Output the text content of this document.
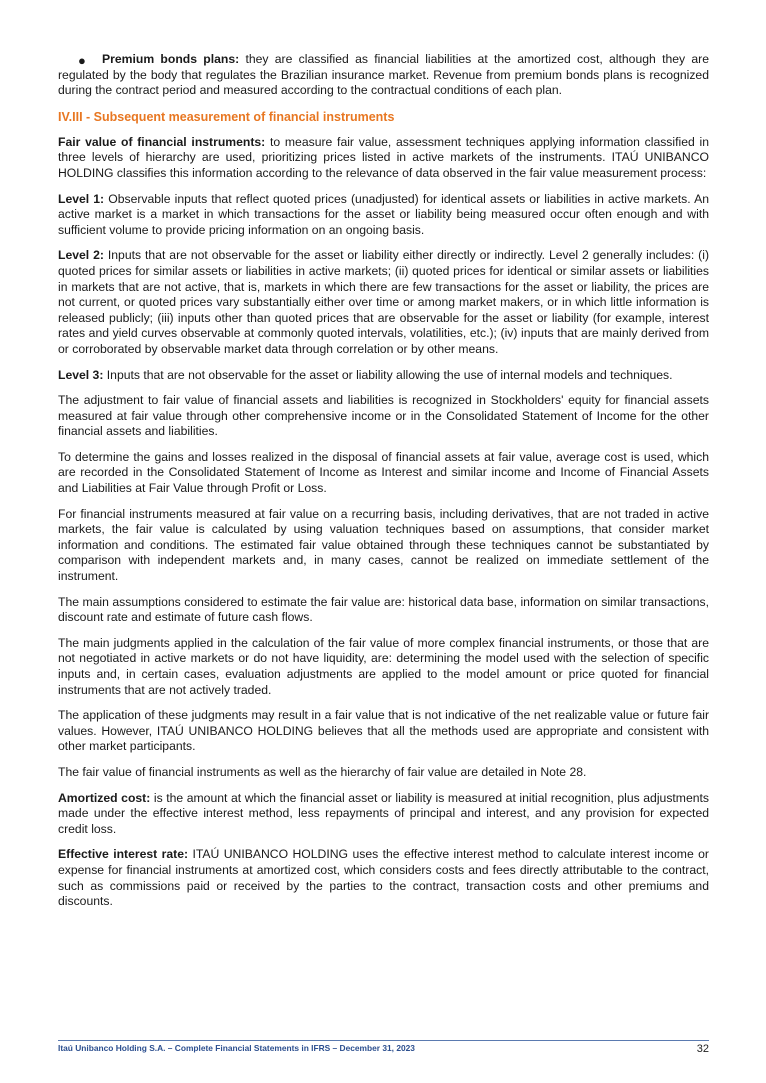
●	Premium bonds plans: they are classified as financial liabilities at the amortized cost, although they are regulated by the body that regulates the Brazilian insurance market. Revenue from premium bonds plans is recognized during the contract period and measured according to the contractual conditions of each plan.

IV.III - Subsequent measurement of financial instruments

Fair value of financial instruments: to measure fair value, assessment techniques applying information classified in three levels of hierarchy are used, prioritizing prices listed in active markets of the instruments. ITAÚ UNIBANCO HOLDING classifies this information according to the relevance of data observed in the fair value measurement process:

Level 1: Observable inputs that reflect quoted prices (unadjusted) for identical assets or liabilities in active markets. An active market is a market in which transactions for the asset or liability being measured occur often enough and with sufficient volume to provide pricing information on an ongoing basis.

Level 2: Inputs that are not observable for the asset or liability either directly or indirectly. Level 2 generally includes: (i) quoted prices for similar assets or liabilities in active markets; (ii) quoted prices for identical or similar assets or liabilities in markets that are not active, that is, markets in which there are few transactions for the asset or liability, the prices are not current, or quoted prices vary substantially either over time or among market makers, or in which little information is released publicly; (iii) inputs other than quoted prices that are observable for the asset or liability (for example, interest rates and yield curves observable at commonly quoted intervals, volatilities, etc.); (iv) inputs that are mainly derived from or corroborated by observable market data through correlation or by other means.

Level 3: Inputs that are not observable for the asset or liability allowing the use of internal models and techniques.

The adjustment to fair value of financial assets and liabilities is recognized in Stockholders' equity for financial assets measured at fair value through other comprehensive income or in the Consolidated Statement of Income for the other financial assets and liabilities.

To determine the gains and losses realized in the disposal of financial assets at fair value, average cost is used, which are recorded in the Consolidated Statement of Income as Interest and similar income and Income of Financial Assets and Liabilities at Fair Value through Profit or Loss.

For financial instruments measured at fair value on a recurring basis, including derivatives, that are not traded in active markets, the fair value is calculated by using valuation techniques based on assumptions, that consider market information and conditions. The estimated fair value obtained through these techniques cannot be substantiated by comparison with independent markets and, in many cases, cannot be realized on immediate settlement of the instrument.

The main assumptions considered to estimate the fair value are: historical data base, information on similar transactions, discount rate and estimate of future cash flows.

The main judgments applied in the calculation of the fair value of more complex financial instruments, or those that are not negotiated in active markets or do not have liquidity, are: determining the model used with the selection of specific inputs and, in certain cases, evaluation adjustments are applied to the model amount or price quoted for financial instruments that are not actively traded.

The application of these judgments may result in a fair value that is not indicative of the net realizable value or future fair values. However, ITAÚ UNIBANCO HOLDING believes that all the methods used are appropriate and consistent with other market participants.

The fair value of financial instruments as well as the hierarchy of fair value are detailed in Note 28.

Amortized cost: is the amount at which the financial asset or liability is measured at initial recognition, plus adjustments made under the effective interest method, less repayments of principal and interest, and any provision for expected credit loss.

Effective interest rate: ITAÚ UNIBANCO HOLDING uses the effective interest method to calculate interest income or expense for financial instruments at amortized cost, which considers costs and fees directly attributable to the contract, such as commissions paid or received by the parties to the contract, transaction costs and other premiums and discounts.

Itaú Unibanco Holding S.A. – Complete Financial Statements in IFRS – December 31, 2023	32
